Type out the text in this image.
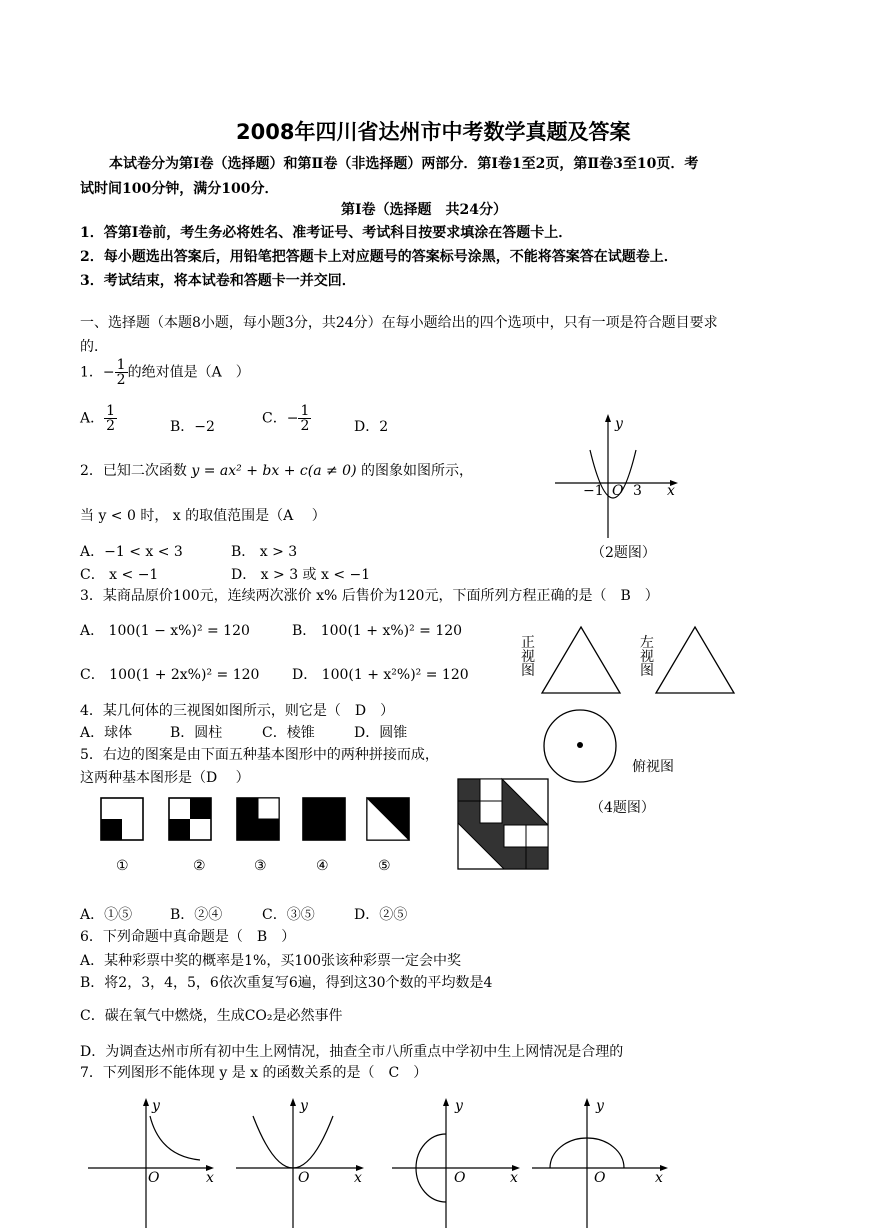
2008年四川省达州市中考数学真题及答案
本试卷分为第Ⅰ卷（选择题）和第Ⅱ卷（非选择题）两部分．第Ⅰ卷1至2页，第Ⅱ卷3至10页．考
试时间100分钟，满分100分．
第Ⅰ卷（选择题　共24分）
1．答第Ⅰ卷前，考生务必将姓名、准考证号、考试科目按要求填涂在答题卡上．
2．每小题选出答案后，用铅笔把答题卡上对应题号的答案标号涂黑，不能将答案答在试题卷上．
3．考试结束，将本试卷和答题卡一并交回．
一、选择题（本题8小题，每小题3分，共24分）在每小题给出的四个选项中，只有一项是符合题目要求
的．
1．− $\frac{1}{2}$ 的绝对值是（A　）
A． $\frac{1}{2}$	B．−2
C．− $\frac{1}{2}$	D．2
2．已知二次函数 y = ax² + bx + c(a ≠ 0) 的图象如图所示，
当 y < 0 时， x 的取值范围是（A　 ）
A．−1 < x < 3	B． x > 3
C． x < −1	D． x > 3 或 x < −1
y
x
−1 O 3
（2题图）
3．某商品原价100元，连续两次涨价 x% 后售价为120元，下面所列方程正确的是（　B　）
A． 100(1 − x%)² = 120	B． 100(1 + x%)² = 120
C． 100(1 + 2x%)² = 120 D． 100(1 + x²%)² = 120
正
视
图
左
视
图
俯视图
（4题图）
4．某几何体的三视图如图所示，则它是（　D　）
A．球体	B．圆柱	C．棱锥	D．圆锥
5．右边的图案是由下面五种基本图形中的两种拼接而成，
这两种基本图形是（D　 ）
①	②	③	④	⑤
A．①⑤	B．②④	C．③⑤	D．②⑤
6．下列命题中真命题是（　B　）
A．某种彩票中奖的概率是1%，买100张该种彩票一定会中奖
B．将2，3，4，5，6依次重复写6遍，得到这30个数的平均数是4
C．碳在氧气中燃烧，生成CO₂是必然事件
D．为调查达州市所有初中生上网情况，抽查全市八所重点中学初中生上网情况是合理的
7．下列图形不能体现 y 是 x 的函数关系的是（　C　）
y
O	x
y
O	x
y
O	x
y
O	x
